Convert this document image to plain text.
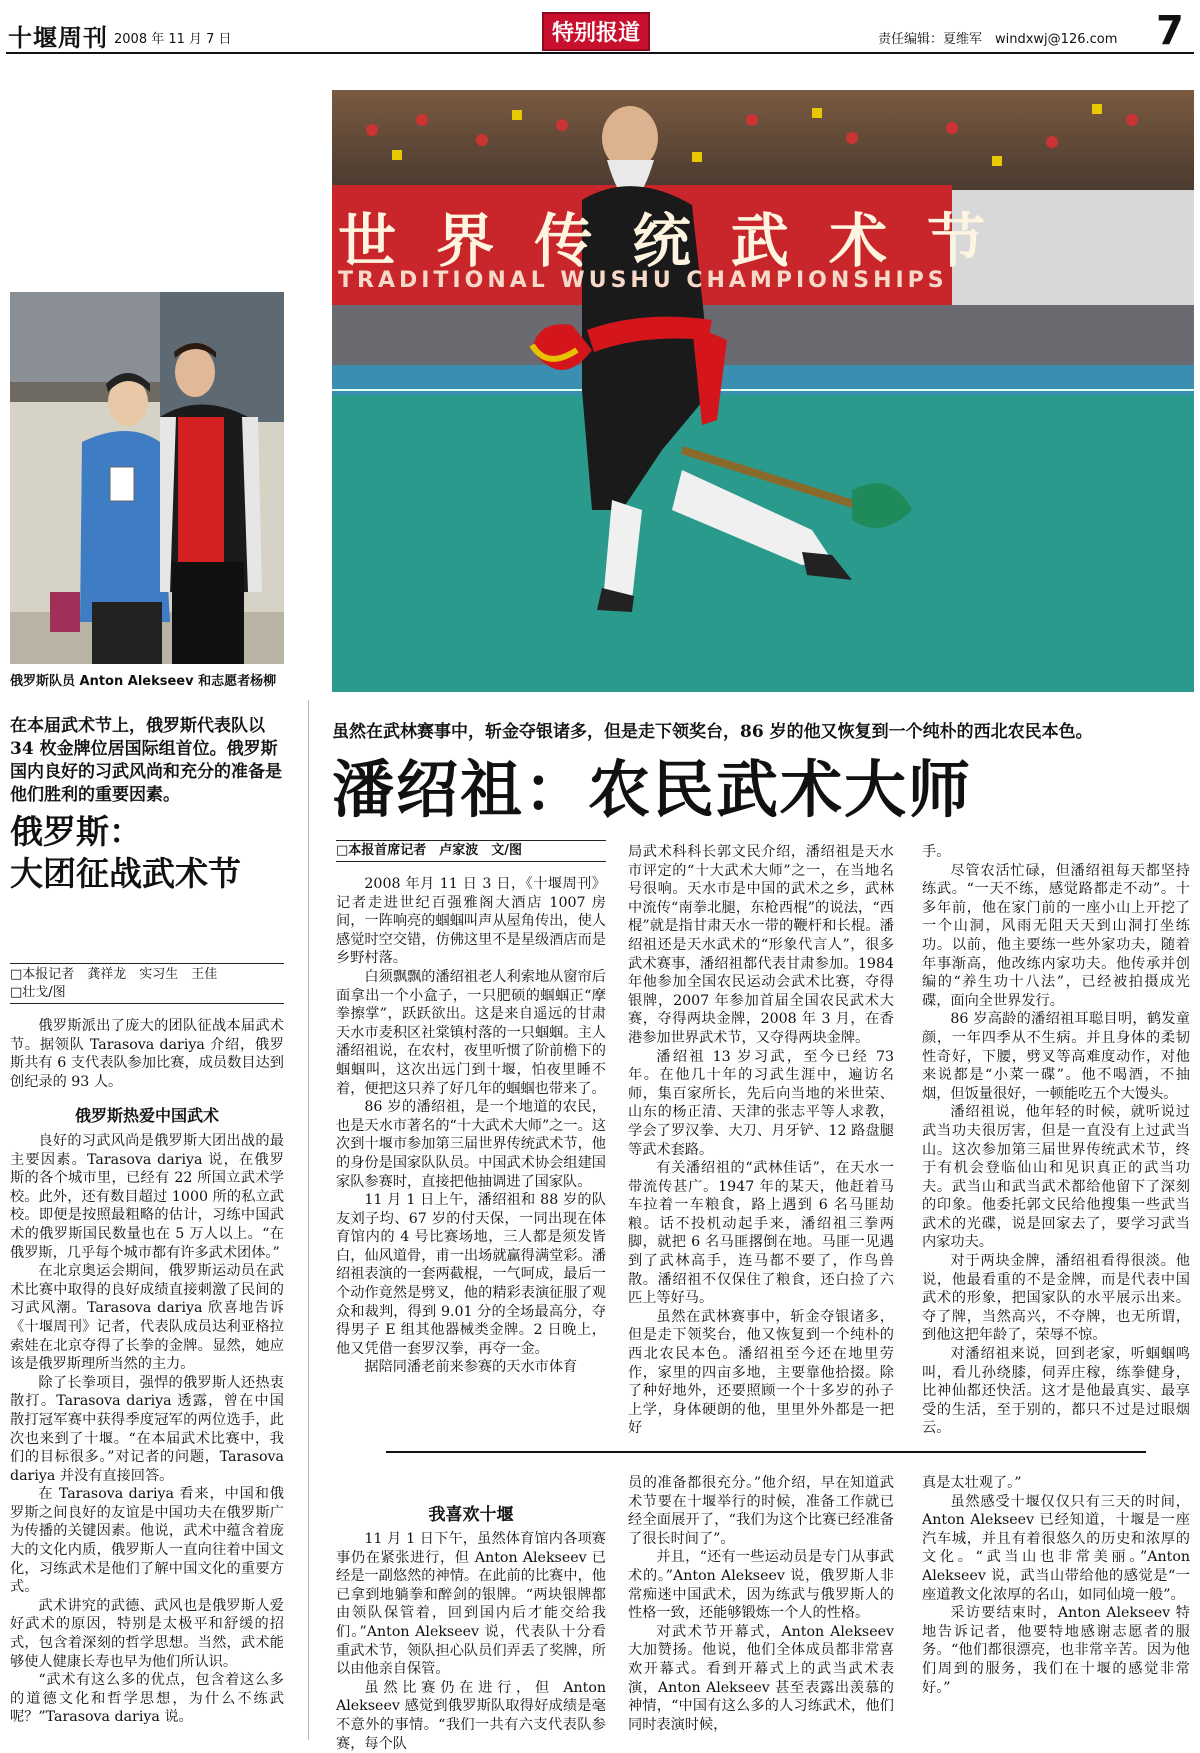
十堰周刊 2008 年 11 月 7 日	特别报道	责任编辑：夏维军　windxwj@126.com 7
俄罗斯队员 Anton Alekseev 和志愿者杨柳
世 界 传 统 武 术 节
TRADITIONAL WUSHU CHAMPIONSHIPS
在本届武术节上，俄罗斯代表队以 34 枚金牌位居国际组首位。俄罗斯国内良好的习武风尚和充分的准备是他们胜利的重要因素。
俄罗斯：
大团征战武术节
□本报记者　龚祥龙　实习生　王佳
□壮戈/图

俄罗斯派出了庞大的团队征战本届武术节。据领队 Tarasova dariya 介绍，俄罗斯共有 6 支代表队参加比赛，成员数目达到创纪录的 93 人。

俄罗斯热爱中国武术

良好的习武风尚是俄罗斯大团出战的最主要因素。Tarasova dariya 说，在俄罗斯的各个城市里，已经有 22 所国立武术学校。此外，还有数目超过 1000 所的私立武校。即便是按照最粗略的估计，习练中国武术的俄罗斯国民数量也在 5 万人以上。“在俄罗斯，几乎每个城市都有许多武术团体。”

在北京奥运会期间，俄罗斯运动员在武术比赛中取得的良好成绩直接刺激了民间的习武风潮。Tarasova dariya 欣喜地告诉《十堰周刊》记者，代表队成员达利亚格拉索娃在北京夺得了长拳的金牌。显然，她应该是俄罗斯理所当然的主力。

除了长拳项目，强悍的俄罗斯人还热衷散打。Tarasova dariya 透露，曾在中国散打冠军赛中获得季度冠军的两位选手，此次也来到了十堰。“在本届武术比赛中，我们的目标很多。”对记者的问题，Tarasova dariya 并没有直接回答。

在 Tarasova dariya 看来，中国和俄罗斯之间良好的友谊是中国功夫在俄罗斯广为传播的关键因素。他说，武术中蕴含着庞大的文化内质，俄罗斯人一直向往着中国文化，习练武术是他们了解中国文化的重要方式。

武术讲究的武德、武风也是俄罗斯人爱好武术的原因，特别是太极平和舒缓的招式，包含着深刻的哲学思想。当然，武术能够使人健康长寿也早为他们所认识。

“武术有这么多的优点，包含着这么多的道德文化和哲学思想，为什么不练武呢？”Tarasova dariya 说。

虽然在武林赛事中，斩金夺银诸多，但是走下领奖台，86 岁的他又恢复到一个纯朴的西北农民本色。
潘绍祖：农民武术大师
□本报首席记者　卢家波　文/图

2008 年月 11 日 3 日，《十堰周刊》记者走进世纪百强雅阁大酒店 1007 房间，一阵响亮的蝈蝈叫声从屋角传出，使人感觉时空交错，仿佛这里不是星级酒店而是乡野村落。

白须飘飘的潘绍祖老人利索地从窗帘后面拿出一个小盒子，一只肥硕的蝈蝈正“摩拳擦掌”，跃跃欲出。这是来自遥远的甘肃天水市麦积区社棠镇村落的一只蝈蝈。主人潘绍祖说，在农村，夜里听惯了阶前檐下的蝈蝈叫，这次出远门到十堰，怕夜里睡不着，便把这只养了好几年的蝈蝈也带来了。

86 岁的潘绍祖，是一个地道的农民，也是天水市著名的“十大武术大师”之一。这次到十堰市参加第三届世界传统武术节，他的身份是国家队队员。中国武术协会组建国家队参赛时，直接把他抽调进了国家队。

11 月 1 日上午，潘绍祖和 88 岁的队友刘子均、67 岁的付天保，一同出现在体育馆内的 4 号比赛场地，三人都是须发皆白，仙风道骨，甫一出场就赢得满堂彩。潘绍祖表演的一套两截棍，一气呵成，最后一个动作竟然是劈叉，他的精彩表演征服了观众和裁判，得到 9.01 分的全场最高分，夺得男子 E 组其他器械类金牌。2 日晚上，他又凭借一套罗汉拳，再夺一金。

据陪同潘老前来参赛的天水市体育

局武术科科长郭文民介绍，潘绍祖是天水市评定的“十大武术大师”之一，在当地名号很响。天水市是中国的武术之乡，武林中流传“南拳北腿，东枪西棍”的说法，“西棍”就是指甘肃天水一带的鞭杆和长棍。潘绍祖还是天水武术的“形象代言人”，很多武术赛事，潘绍祖都代表甘肃参加。1984 年他参加全国农民运动会武术比赛，夺得银牌，2007 年参加首届全国农民武术大赛，夺得两块金牌，2008 年 3 月，在香港参加世界武术节，又夺得两块金牌。

潘绍祖 13 岁习武，至今已经 73 年。在他几十年的习武生涯中，遍访名师，集百家所长，先后向当地的米世荣、山东的杨正清、天津的张志平等人求教，学会了罗汉拳、大刀、月牙铲、12 路盘腿等武术套路。

有关潘绍祖的“武林佳话”，在天水一带流传甚广。1947 年的某天，他赶着马车拉着一车粮食，路上遇到 6 名马匪劫粮。话不投机动起手来，潘绍祖三拳两脚，就把 6 名马匪撂倒在地。马匪一见遇到了武林高手，连马都不要了，作鸟兽散。潘绍祖不仅保住了粮食，还白捡了六匹上等好马。

虽然在武林赛事中，斩金夺银诸多，但是走下领奖台，他又恢复到一个纯朴的西北农民本色。潘绍祖至今还在地里劳作，家里的四亩多地，主要靠他拾掇。除了种好地外，还要照顾一个十多岁的孙子上学，身体硬朗的他，里里外外都是一把好

手。

尽管农活忙碌，但潘绍祖每天都坚持练武。“一天不练，感觉路都走不动”。十多年前，他在家门前的一座小山上开挖了一个山洞，风雨无阻天天到山洞打坐练功。以前，他主要练一些外家功夫，随着年事渐高，他改练内家功夫。他传承并创编的“养生功十八法”，已经被拍摄成光碟，面向全世界发行。

86 岁高龄的潘绍祖耳聪目明，鹤发童颜，一年四季从不生病。并且身体的柔韧性奇好，下腰，劈叉等高难度动作，对他来说都是“小菜一碟”。他不喝酒，不抽烟，但饭量很好，一顿能吃五个大馒头。

潘绍祖说，他年轻的时候，就听说过武当功夫很厉害，但是一直没有上过武当山。这次参加第三届世界传统武术节，终于有机会登临仙山和见识真正的武当功夫。武当山和武当武术都给他留下了深刻的印象。他委托郭文民给他搜集一些武当武术的光碟，说是回家去了，要学习武当内家功夫。

对于两块金牌，潘绍祖看得很淡。他说，他最看重的不是金牌，而是代表中国武术的形象，把国家队的水平展示出来。夺了牌，当然高兴，不夺牌，也无所谓，到他这把年龄了，荣辱不惊。

对潘绍祖来说，回到老家，听蝈蝈鸣叫，看儿孙绕膝，伺弄庄稼，练拳健身，比神仙都还快活。这才是他最真实、最享受的生活，至于别的，都只不过是过眼烟云。

我喜欢十堰

11 月 1 日下午，虽然体育馆内各项赛事仍在紧张进行，但 Anton Alekseev 已经是一副悠然的神情。在此前的比赛中，他已拿到地躺拳和醉剑的银牌。“两块银牌都由领队保管着，回到国内后才能交给我们。”Anton Alekseev 说，代表队十分看重武术节，领队担心队员们弄丢了奖牌，所以由他亲自保管。

虽然比赛仍在进行，但 Anton Alekseev 感觉到俄罗斯队取得好成绩是毫不意外的事情。“我们一共有六支代表队参赛，每个队

员的准备都很充分。”他介绍，早在知道武术节要在十堰举行的时候，准备工作就已经全面展开了，“我们为这个比赛已经准备了很长时间了”。

并且，“还有一些运动员是专门从事武术的。”Anton Alekseev 说，俄罗斯人非常痴迷中国武术，因为练武与俄罗斯人的性格一致，还能够锻炼一个人的性格。

对武术节开幕式，Anton Alekseev 大加赞扬。他说，他们全体成员都非常喜欢开幕式。看到开幕式上的武当武术表演，Anton Alekseev 甚至表露出羡慕的神情，“中国有这么多的人习练武术，他们同时表演时候，

真是太壮观了。”

虽然感受十堰仅仅只有三天的时间，Anton Alekseev 已经知道，十堰是一座汽车城，并且有着很悠久的历史和浓厚的文化。“武当山也非常美丽。”Anton Alekseev 说，武当山带给他的感觉是“一座道教文化浓厚的名山，如同仙境一般”。

采访要结束时，Anton Alekseev 特地告诉记者，他要特地感谢志愿者的服务。“他们都很漂亮，也非常辛苦。因为他们周到的服务，我们在十堰的感觉非常好。”
